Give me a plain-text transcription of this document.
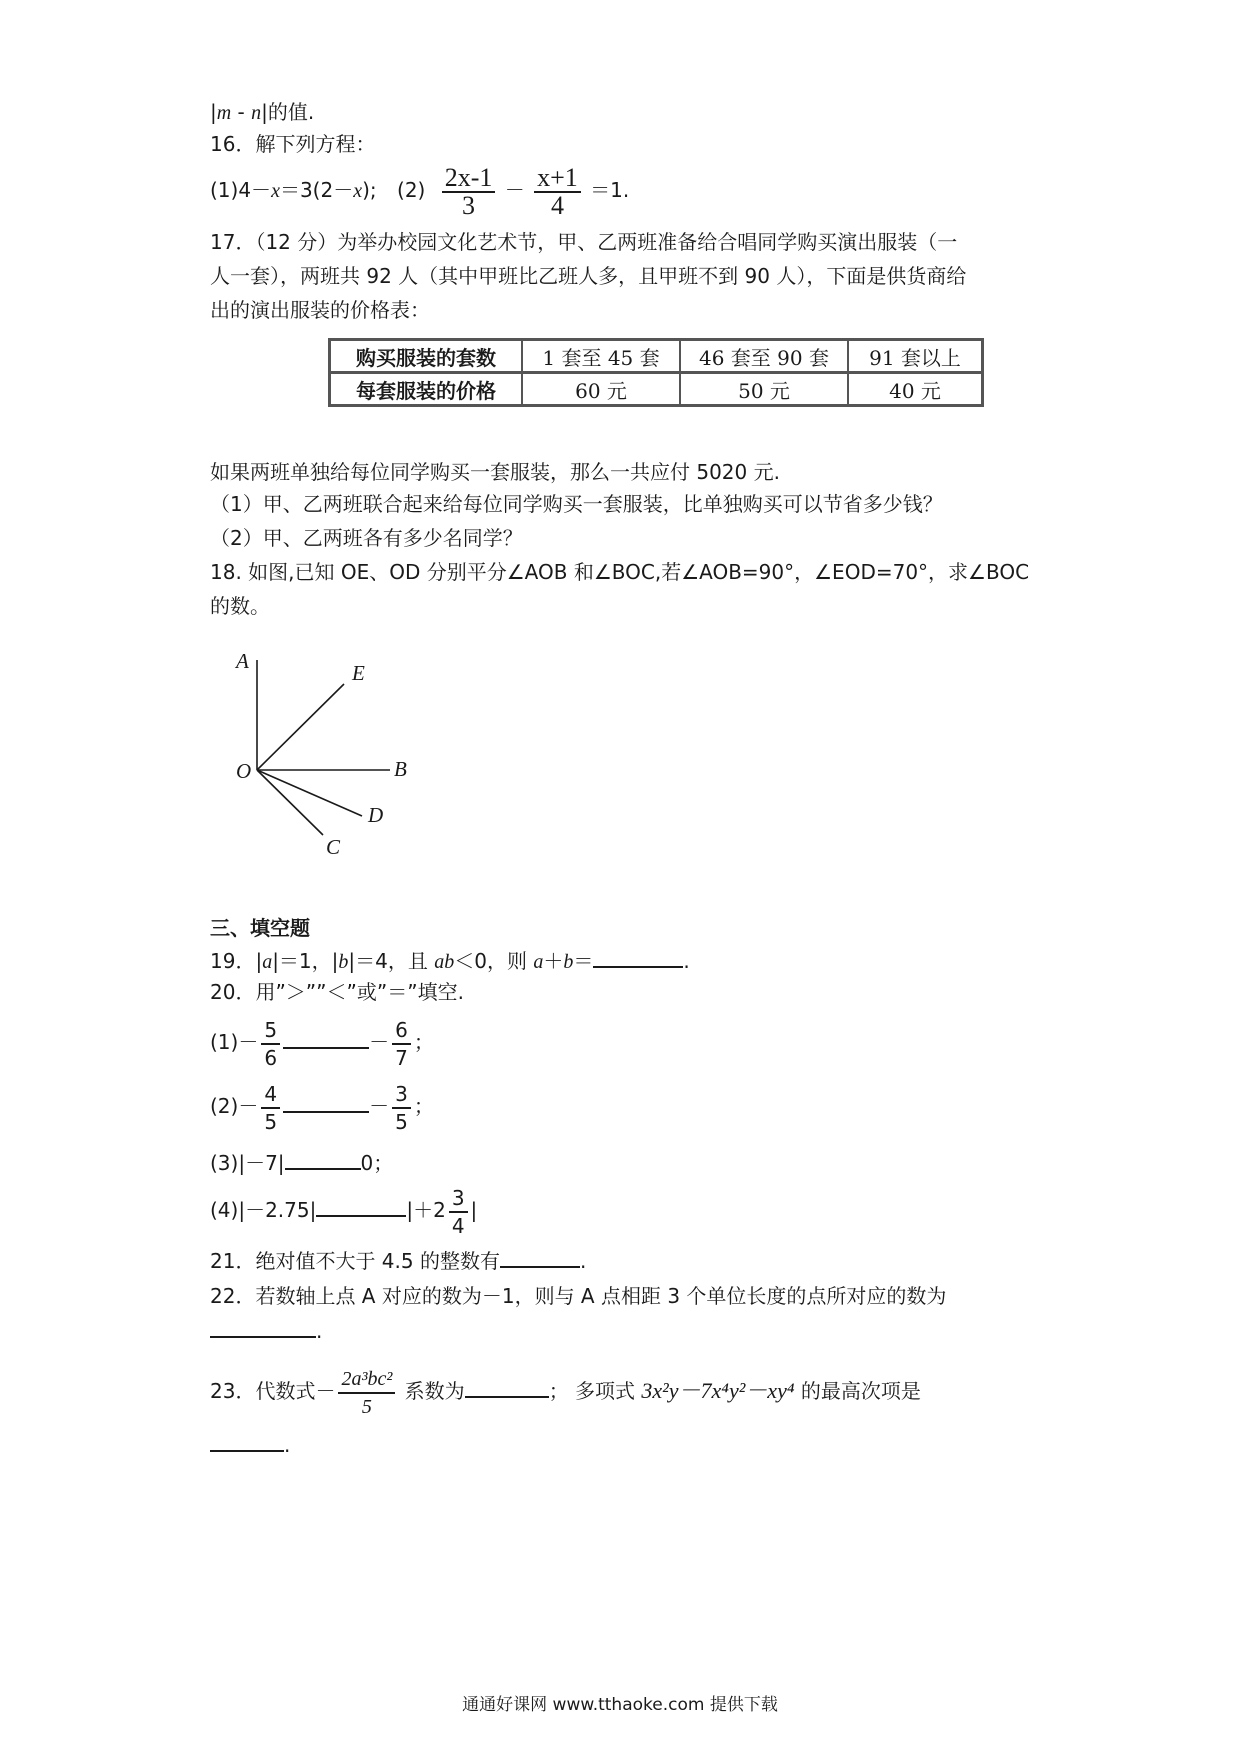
|m - n|的值.
16．解下列方程：
(1)4－x＝3(2－x); $(2) \frac{2x-1}{3} - \frac{x+1}{4} =1$.
17．（12 分）为举办校园文化艺术节，甲、乙两班准备给合唱同学购买演出服装（一
人一套），两班共 92 人（其中甲班比乙班人多，且甲班不到 90 人），下面是供货商给
出的演出服装的价格表：
购买服装的套数	1 套至 45 套	46 套至 90 套	91 套以上
每套服装的价格	60 元	50 元	40 元
如果两班单独给每位同学购买一套服装，那么一共应付 5020 元.
（1）甲、乙两班联合起来给每位同学购买一套服装，比单独购买可以节省多少钱？
（2）甲、乙两班各有多少名同学？
18. 如图,已知 OE、OD 分别平分∠AOB 和∠BOC,若∠AOB=90°，∠EOD=70°，求∠BOC
的数。
A	E
O	B
D
C
三、填空题
19．|a|＝1，|b|＝4，且 ab＜0，则 a＋b＝	.
20．用”＞””＜”或”＝”填空.
$(1)- \frac{5}{6}$	－ $\frac{6}{7}$ ；
$(2)- \frac{4}{5}$	－ $\frac{3}{5}$ ；
(3)|－7|	0；
(4)|－2.75|	$|+2 \frac{3}{4}$ |
21．绝对值不大于 4.5 的整数有	.
22．若数轴上点 A 对应的数为－1，则与 A 点相距 3 个单位长度的点所对应的数为
.
23．代数式－ $\frac{\text{2a³bc²}}{5}$ 系数为	； 多项式 3x²y－7x⁴y²－xy⁴ 的最高次项是
.
通通好课网 www.tthaoke.com 提供下载
